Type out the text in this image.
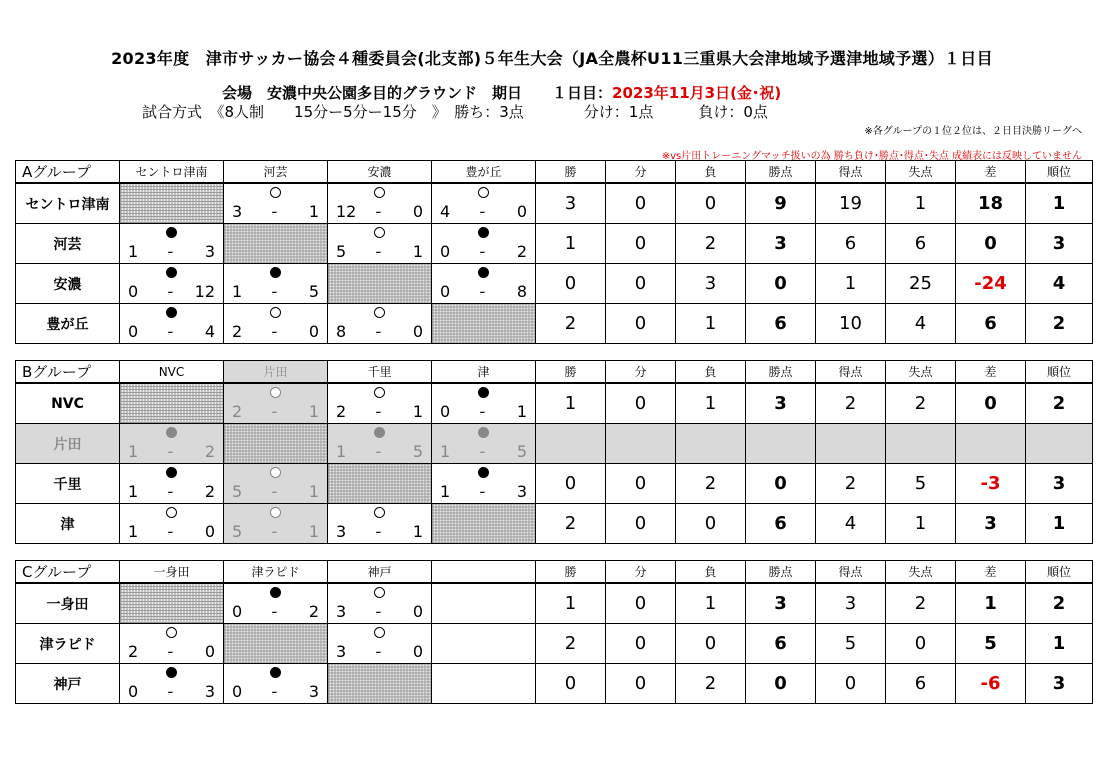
2023年度　津市サッカー協会４種委員会(北支部)５年生大会（JA全農杯U11三重県大会津地域予選津地域予選）１日目
会場　安濃中央公園多目的グラウンド　期日　　１日目：2023年11月3日(金･祝)
試合方式　《8人制　　15分ー5分ー15分　》　勝ち：3点　　　　分け：1点　　　負け：0点
※各グループの１位２位は、２日目決勝リーグへ
※vs片田トレーニングマッチ扱いの為 勝ち負け･勝点･得点･失点 成績表には反映していません
Aグループ	セントロ津南	河芸	安濃	豊が丘	勝	分	負	勝点	得点	失点	差	順位
セントロ津南		3 - 1	12 - 0	4 - 0	3	0	0	9	19	1	18	1
河芸	1 - 3		5 - 1	0 - 2	1	0	2	3	6	6	0	3
安濃	0 - 12	1 - 5		0 - 8	0	0	3	0	1	25	-24	4
豊が丘	0 - 4	2 - 0	8 - 0		2	0	1	6	10	4	6	2
Bグループ	NVC	片田	千里	津	勝	分	負	勝点	得点	失点	差	順位
NVC		2 - 1	2 - 1	0 - 1	1	0	1	3	2	2	0	2
片田	1 - 2		1 - 5	1 - 5								

千里	1 - 2	5 - 1		1 - 3	0	0	2	0	2	5	-3	3
津	1 - 0	5 - 1	3 - 1		2	0	0	6	4	1	3	1
Cグループ	一身田	津ラピド	神戸		勝	分	負	勝点	得点	失点	差	順位
一身田		0 - 2	3 - 0		1	0	1	3	3	2	1	2
津ラピド	2 - 0		3 - 0		2	0	0	6	5	0	5	1
神戸	0 - 3	0 - 3			0	0	2	0	0	6	-6	3
